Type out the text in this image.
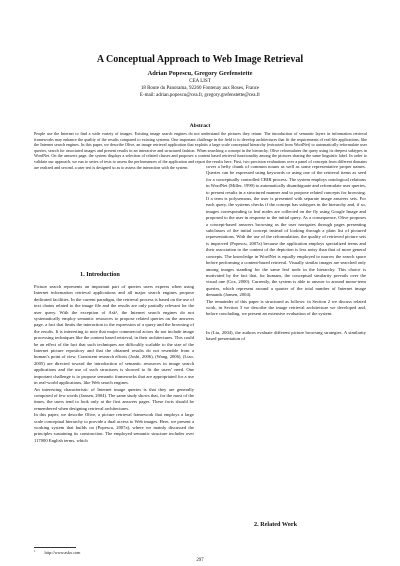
A Conceptual Approach to Web Image Retrieval
Adrian Popescu, Gregory Grefenstette
CEA LIST
18 Route du Panorama, 92260 Fontenay aux Roses, France
E-mail: adrian.popescu@cea.fr, gregory.grefenstette@cea.fr
Abstract
People use the Internet to find a wide variety of images. Existing image search engines do not understand the pictures they return. The introduction of semantic layers in information retrieval frameworks may enhance the quality of the results compared to existing systems. One important challenge in the field is to develop architectures that fit the requirements of real-life applications, like the Internet search engines. In this paper, we describe Olive, an image retrieval application that exploits a large scale conceptual hierarchy (extracted from WordNet) to automatically reformulate user queries, search for associated images and present results in an interactive and structured fashion. When searching a concept in the hierarchy, Olive reformulates the query using its deepest subtypes in WordNet. On the answers page, the system displays a selection of related classes and proposes a content based retrieval functionality among the pictures sharing the same linguistic label. In order to validate our approach, we run to series of tests to assess the performances of the application and report the results here. First, two precision evaluations over a panel of concepts from different domains are realized and second, a user test is designed so as to assess the interaction with the system.
1. Introduction

Picture search represents an important part of queries users express when using Internet information retrieval applications and all major search engines propose dedicated facilities. In the current paradigm, the retrieval process is based on the use of text chains related to the image file and the results are only partially relevant for the user query. With the exception of Ask¹, the Internet search engines do not systematically employ semantic resources to propose related queries on the answers page, a fact that limits the interaction to the expression of a query and the browsing of the results. It is interesting to note that major commercial actors do not include image processing techniques like the content based retrieval, in their architectures. This could be an effect of the fact that such techniques are difficultly scalable to the size of the Internet picture repository and that the obtained results do not resemble from a human’s point of view. Consistent research efforts (Joshi, 2006), (Wang, 2006), (Liao, 2005) are directed toward the introduction of semantic resources in image search applications and the use of such structures is showed to fit the users’ need. One important challenge is to propose semantic frameworks that are appropriated for a use in real-world applications, like Web search engines.

An interesting characteristic of Internet image queries is that they are generally composed of few words (Jansen, 2004). The same study shows that, for the most of the times, the users tend to look only at the first answers pages. These facts should be remembered when designing retrieval architectures.

In this paper, we describe Olive, a picture retrieval framework that employs a large scale conceptual hierarchy to provide a dual access to Web images. Here, we present a working system that builds on (Popescu, 2007a), where we mainly discussed the principles sustaining its construction. The employed semantic structure includes over 117000 English terms, which

cover a hefty chunk of common nouns as well as some representative proper names. Queries can be expressed using keywords or using one of the retrieval items as seed for a conceptually controlled CBIR process. The system employs ontological relations in WordNet (Miller, 1990) to automatically disambiguate and reformulate user queries, to present results in a structured manner and to propose related concepts for browsing. If a term is polysemous, the user is presented with separate image answers sets. For each query, the systems checks if the concept has subtypes in the hierarchy and, if so, images corresponding to leaf nodes are collected on the fly using Google Image and proposed to the user in response to the initial query. As a consequence, Olive proposes a concept-based answers browsing as the user navigates through pages presenting subclasses of the initial concept instead of looking through a plain list of pictured representations. With the use of the reformulation, the quality of retrieved picture sets is improved (Popescu, 2007a) because the application employs specialized terms and their association to the content of the depiction is less noisy than that of more general concepts. The knowledge in WordNet is equally employed to narrow the search space before performing a content-based retrieval. Visually similar images are searched only among images standing for the same leaf node in the hierarchy. This choice is motivated by the fact that, for humans, the conceptual similarity prevails over the visual one (Cox, 2000). Currently, the system is able to answer to around mono-term queries, which represent around a quarter of the total number of Internet image demands (Jansen, 2004).

The remainder of this paper is structured as follows: in Section 2 we discuss related work, in Section 3 we describe the image retrieval architecture we developed and, before concluding, we present an extensive evaluation of the system.

In (Liu, 2004), the authors evaluate different picture browsing strategies. A similarity based presentation of

2. Related Work
$^1$ http://www.askx.com
297
